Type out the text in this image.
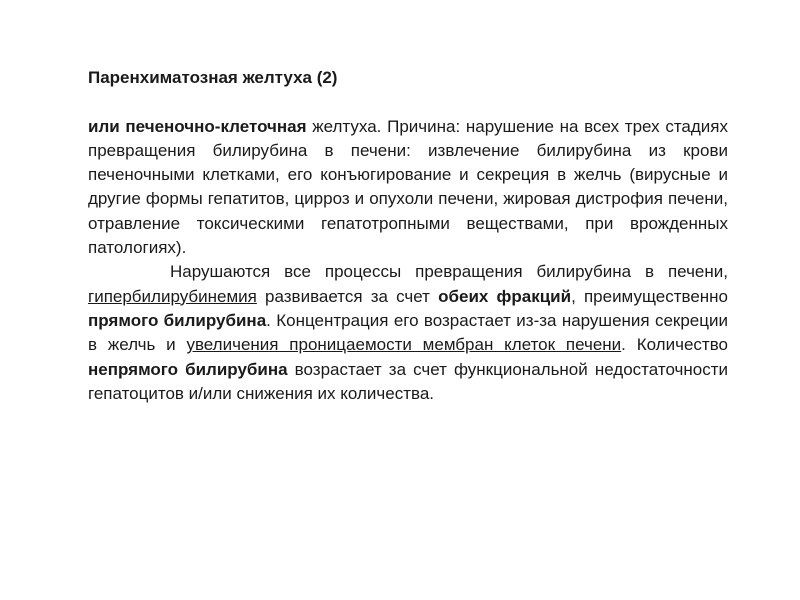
Паренхиматозная желтуха (2)

или печеночно-клеточная желтуха. Причина: нарушение на всех трех стадиях превращения билирубина в печени: извлечение билирубина из крови печеночными клетками, его конъюгирование и секреция в желчь (вирусные и другие формы гепатитов, цирроз и опухоли печени, жировая дистрофия печени, отравление токсическими гепатотропными веществами, при врожденных патологиях).

Нарушаются все процессы превращения билирубина в печени, гипербилирубинемия развивается за счет обеих фракций, преимущественно прямого билирубина. Концентрация его возрастает из-за нарушения секреции в желчь и увеличения проницаемости мембран клеток печени. Количество непрямого билирубина возрастает за счет функциональной недостаточности гепатоцитов и/или снижения их количества.
